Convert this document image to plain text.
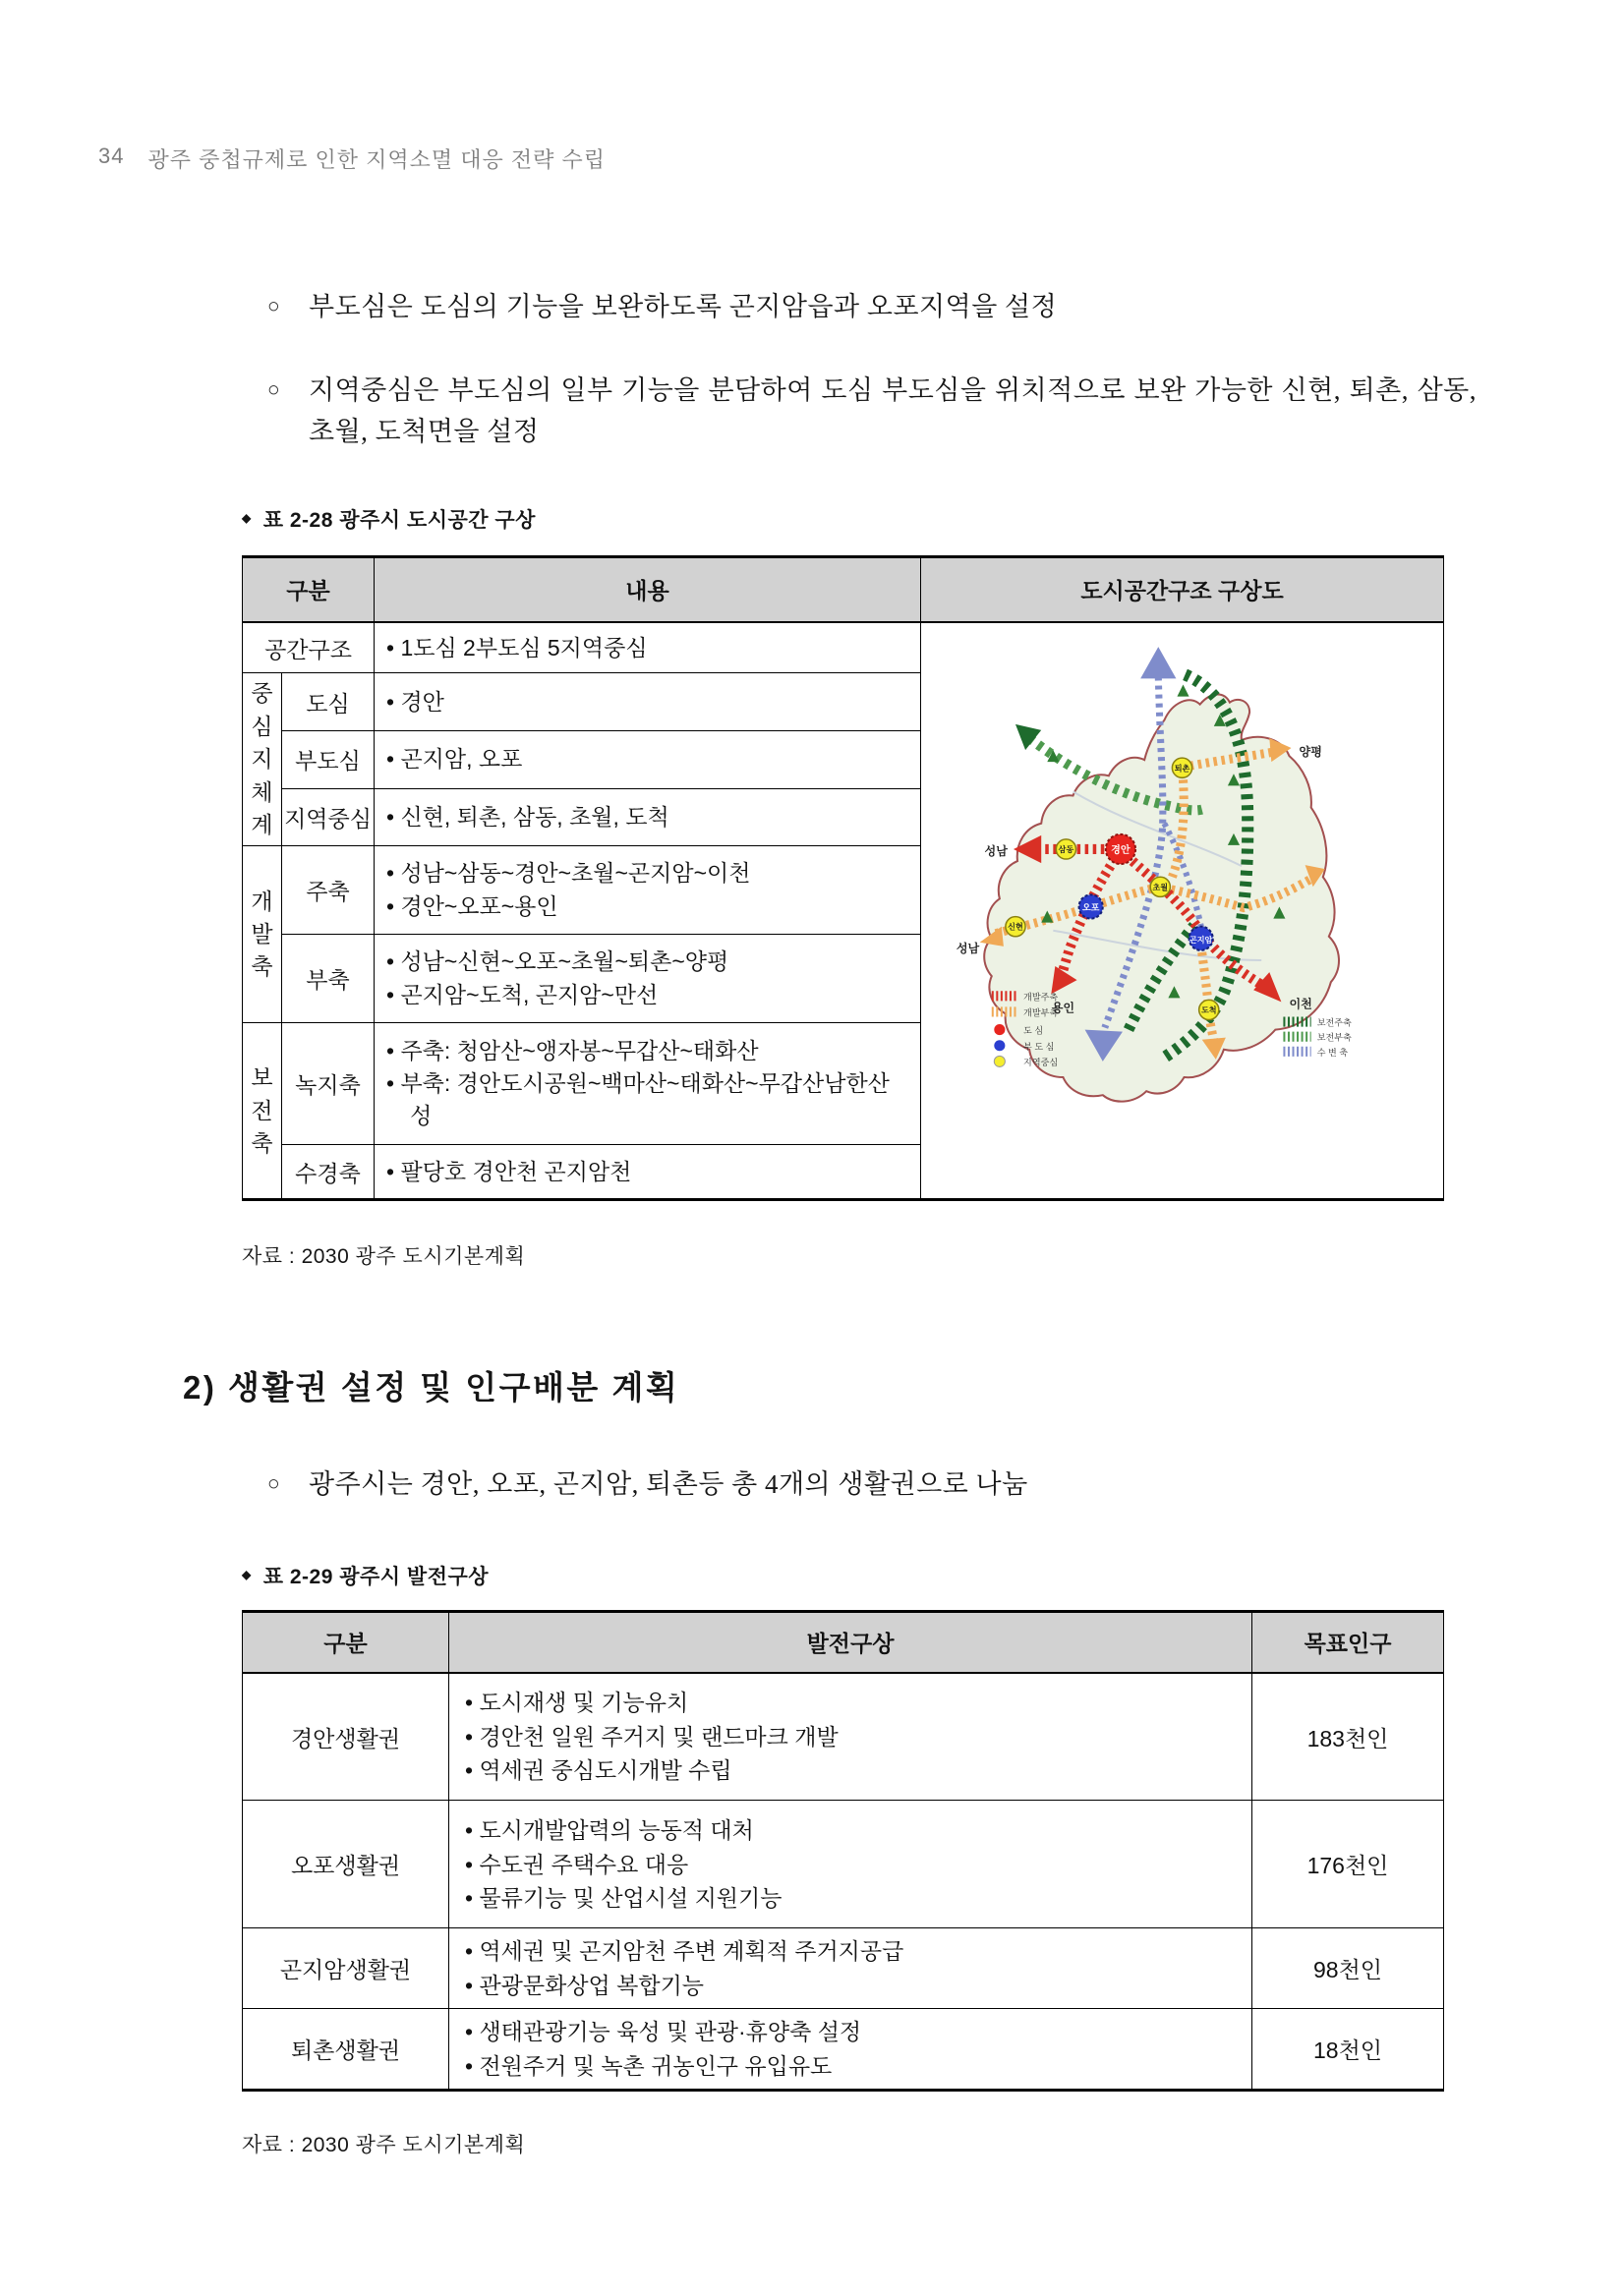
34 광주 중첩규제로 인한 지역소멸 대응 전략 수립
○ 부도심은 도심의 기능을 보완하도록 곤지암읍과 오포지역을 설정
○ 지역중심은 부도심의 일부 기능을 분담하여 도심 부도심을 위치적으로 보완 가능한 신현, 퇴촌, 삼동, 초월, 도척면을 설정
◆ 표 2-28 광주시 도시공간 구상
구분		내용	도시공간구조 구상도
공간구조	• 1도심 2부도심 5지역중심

경안
오포
곤지암
퇴촌
삼동
신현
초월
도척
성남
성남
양평
용인	이천
개발주축
개발부축
도 심
부 도 심
지역중심
보전주축
보전부축
수 변 축

중심지체계	도심	• 경안	

	부도심	• 곤지암, 오포	

	지역중심	• 신현, 퇴촌, 삼동, 초월, 도척	

개발축	주축	• 성남~삼동~경안~초월~곤지암~이천
• 경안~오포~용인	

	부축	• 성남~신현~오포~초월~퇴촌~양평
• 곤지암~도척, 곤지암~만선	

보전축	녹지축	• 주축: 청암산~앵자봉~무갑산~태화산
• 부축: 경안도시공원~백마산~태화산~무갑산남한산성	

	수경축	• 팔당호 경안천 곤지암천	
자료 : 2030 광주 도시기본계획
2) 생활권 설정 및 인구배분 계획
○ 광주시는 경안, 오포, 곤지암, 퇴촌등 총 4개의 생활권으로 나눔
◆ 표 2-29 광주시 발전구상
구분	발전구상	목표인구
경안생활권	• 도시재생 및 기능유치
• 경안천 일원 주거지 및 랜드마크 개발
• 역세권 중심도시개발 수립	183천인
오포생활권	• 도시개발압력의 능동적 대처
• 수도권 주택수요 대응
• 물류기능 및 산업시설 지원기능	176천인
곤지암생활권	• 역세권 및 곤지암천 주변 계획적 주거지공급
• 관광문화상업 복합기능	98천인
퇴촌생활권	• 생태관광기능 육성 및 관광·휴양축 설정
• 전원주거 및 녹촌 귀농인구 유입유도	18천인
자료 : 2030 광주 도시기본계획
